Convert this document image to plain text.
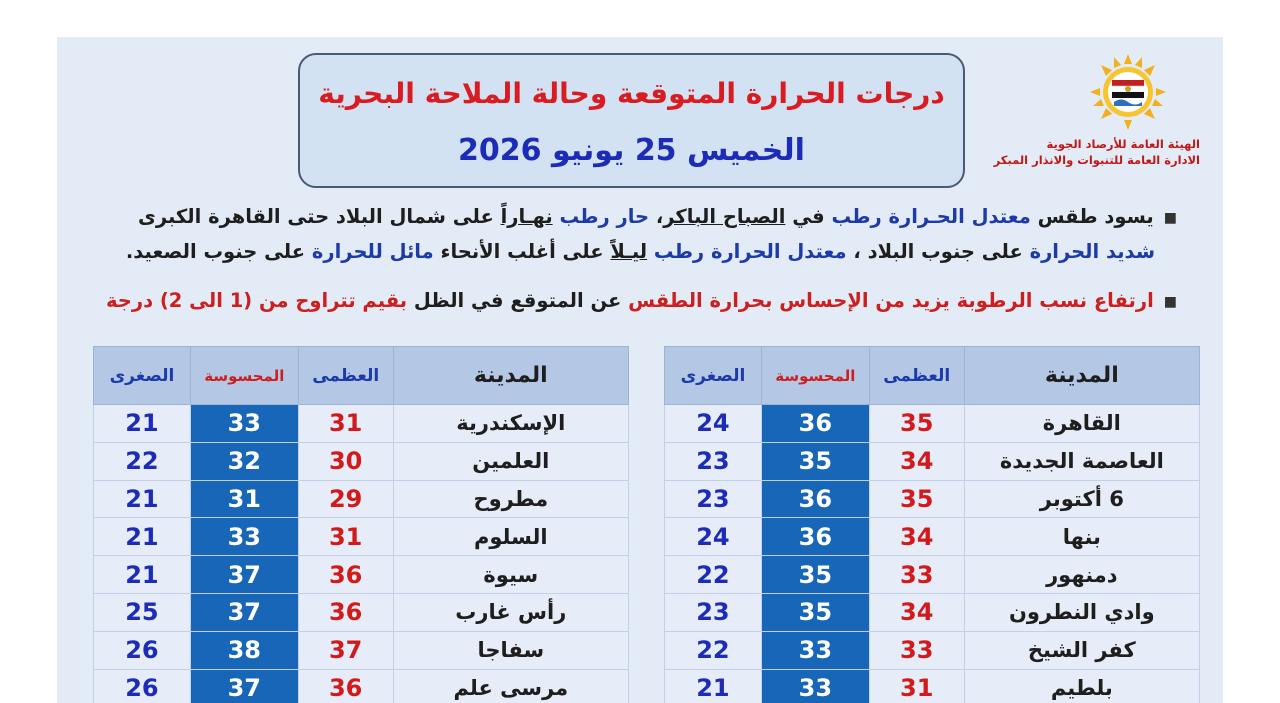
الهيئة العامة للأرصاد الجوية
الادارة العامة للتنبوات والانذار المبكر
درجات الحرارة المتوقعة وحالة الملاحة البحرية
الخميس 25 يونيو 2026
■يسود طقس معتدل الحـرارة رطب في الصباح الباكر، حار رطب نهـاراً على شمال البلاد حتى القاهرة الكبرى
شديد الحرارة على جنوب البلاد ، معتدل الحرارة رطب ليـلاً على أغلب الأنحاء مائل للحرارة على جنوب الصعيد.
■ارتفاع نسب الرطوبة يزيد من الإحساس بحرارة الطقس عن المتوقع في الظل بقيم تتراوح من (1 الى 2) درجة
المدينة	العظمى	المحسوسة	الصغرى
القاهرة	35	36	24
العاصمة الجديدة	34	35	23
6 أكتوبر	35	36	23
بنها	34	36	24
دمنهور	33	35	22
وادي النطرون	34	35	23
كفر الشيخ	33	33	22
بلطيم	31	33	21
المدينة	العظمى	المحسوسة	الصغرى
الإسكندرية	31	33	21
العلمين	30	32	22
مطروح	29	31	21
السلوم	31	33	21
سيوة	36	37	21
رأس غارب	36	37	25
سفاجا	37	38	26
مرسى علم	36	37	26
